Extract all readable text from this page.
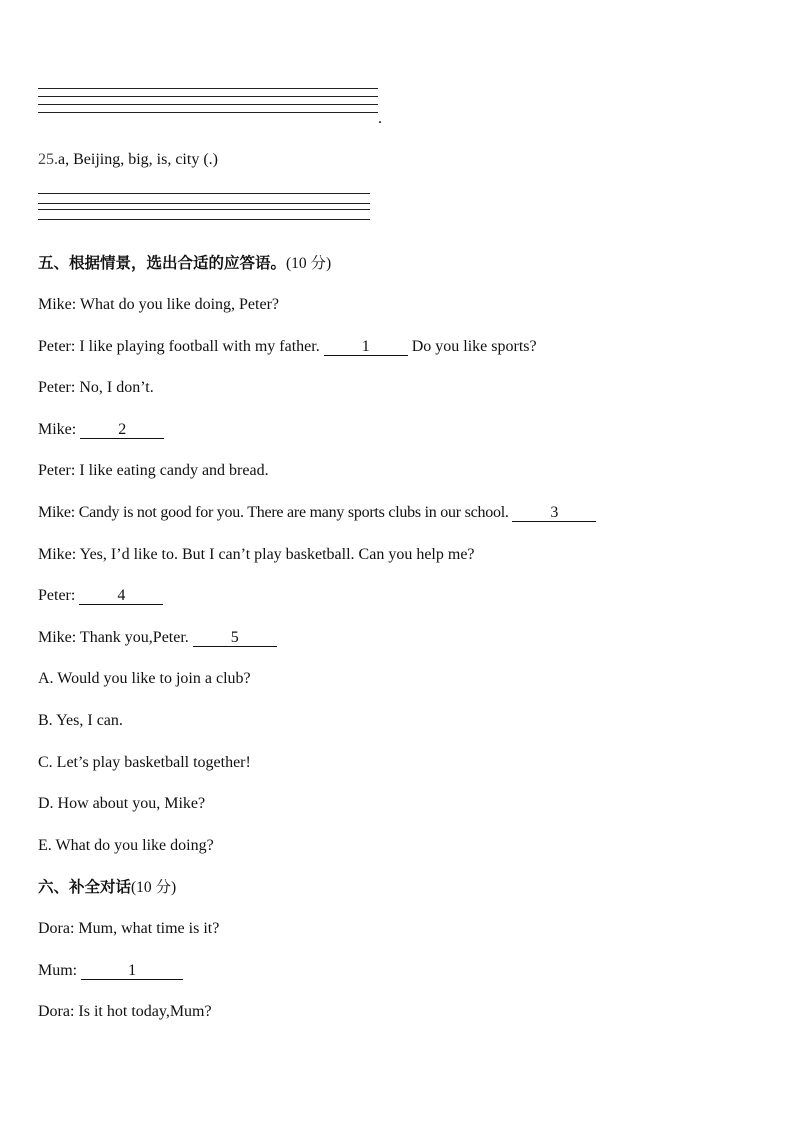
.
25.a, Beijing, big, is, city (.)
五、根据情景，选出合适的应答语。(10 分)
Mike: What do you like doing, Peter?
Peter: I like playing football with my father. 1 Do you like sports?
Peter: No, I don’t.
Mike: 2
Peter: I like eating candy and bread.
Mike: Candy is not good for you. There are many sports clubs in our school. 3
Mike: Yes, I’d like to. But I can’t play basketball. Can you help me?
Peter: 4
Mike: Thank you,Peter. 5
A. Would you like to join a club?
B. Yes, I can.
C. Let’s play basketball together!
D. How about you, Mike?
E. What do you like doing?
六、补全对话(10 分)
Dora: Mum, what time is it?
Mum:	1
Dora: Is it hot today,Mum?
